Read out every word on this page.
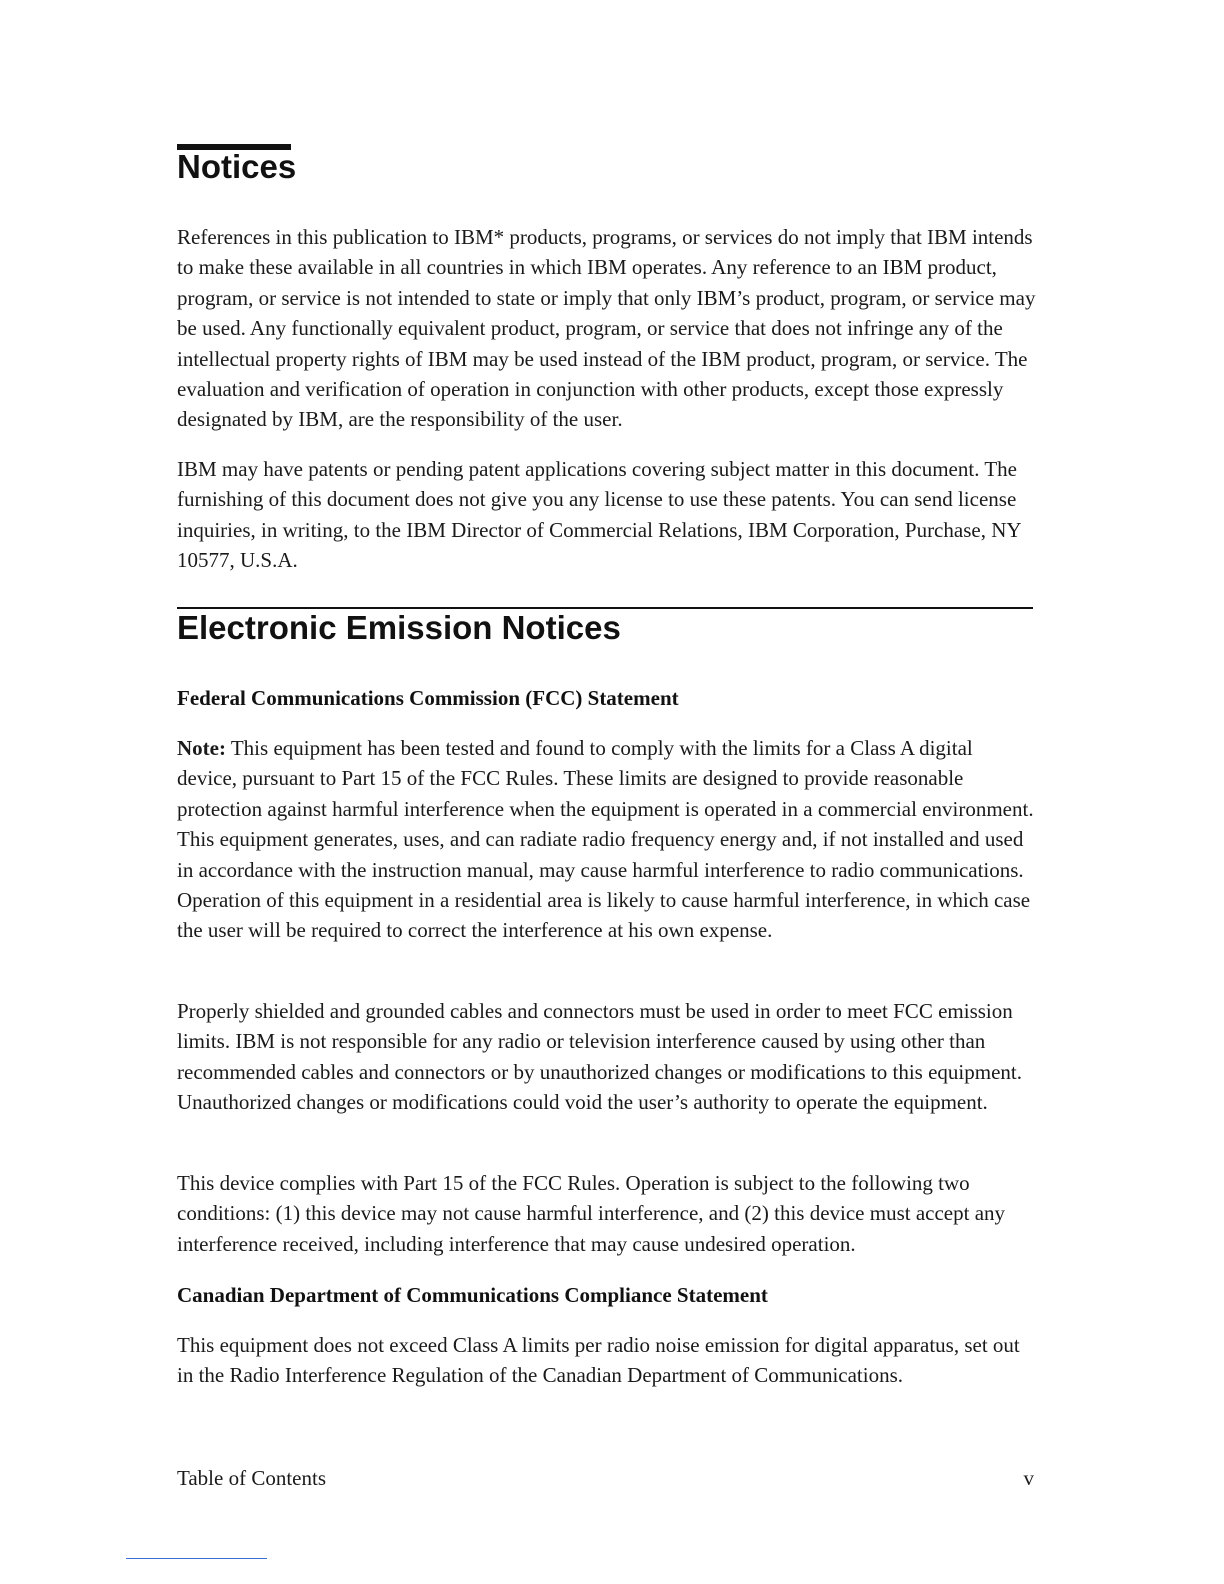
Notices

References in this publication to IBM* products, programs, or services do not imply that IBM intends to make these available in all countries in which IBM operates. Any reference to an IBM product, program, or service is not intended to state or imply that only IBM’s product, program, or service may be used. Any functionally equivalent product, program, or service that does not infringe any of the intellectual property rights of IBM may be used instead of the IBM product, program, or service. The evaluation and verification of operation in conjunction with other products, except those expressly designated by IBM, are the responsibility of the user.

IBM may have patents or pending patent applications covering subject matter in this document. The furnishing of this document does not give you any license to use these patents. You can send license inquiries, in writing, to the IBM Director of Commercial Relations, IBM Corporation, Purchase, NY 10577, U.S.A.

Electronic Emission Notices
Federal Communications Commission (FCC) Statement

Note: This equipment has been tested and found to comply with the limits for a Class A digital device, pursuant to Part 15 of the FCC Rules. These limits are designed to provide reasonable protection against harmful interference when the equipment is operated in a commercial environment. This equipment generates, uses, and can radiate radio frequency energy and, if not installed and used in accordance with the instruction manual, may cause harmful interference to radio communications. Operation of this equipment in a residential area is likely to cause harmful interference, in which case the user will be required to correct the interference at his own expense.

Properly shielded and grounded cables and connectors must be used in order to meet FCC emission limits. IBM is not responsible for any radio or television interference caused by using other than recommended cables and connectors or by unauthorized changes or modifications to this equipment. Unauthorized changes or modifications could void the user’s authority to operate the equipment.

This device complies with Part 15 of the FCC Rules. Operation is subject to the following two conditions: (1) this device may not cause harmful interference, and (2) this device must accept any interference received, including interference that may cause undesired operation.

Canadian Department of Communications Compliance Statement

This equipment does not exceed Class A limits per radio noise emission for digital apparatus, set out in the Radio Interference Regulation of the Canadian Department of Communications.

Table of Contents	v
